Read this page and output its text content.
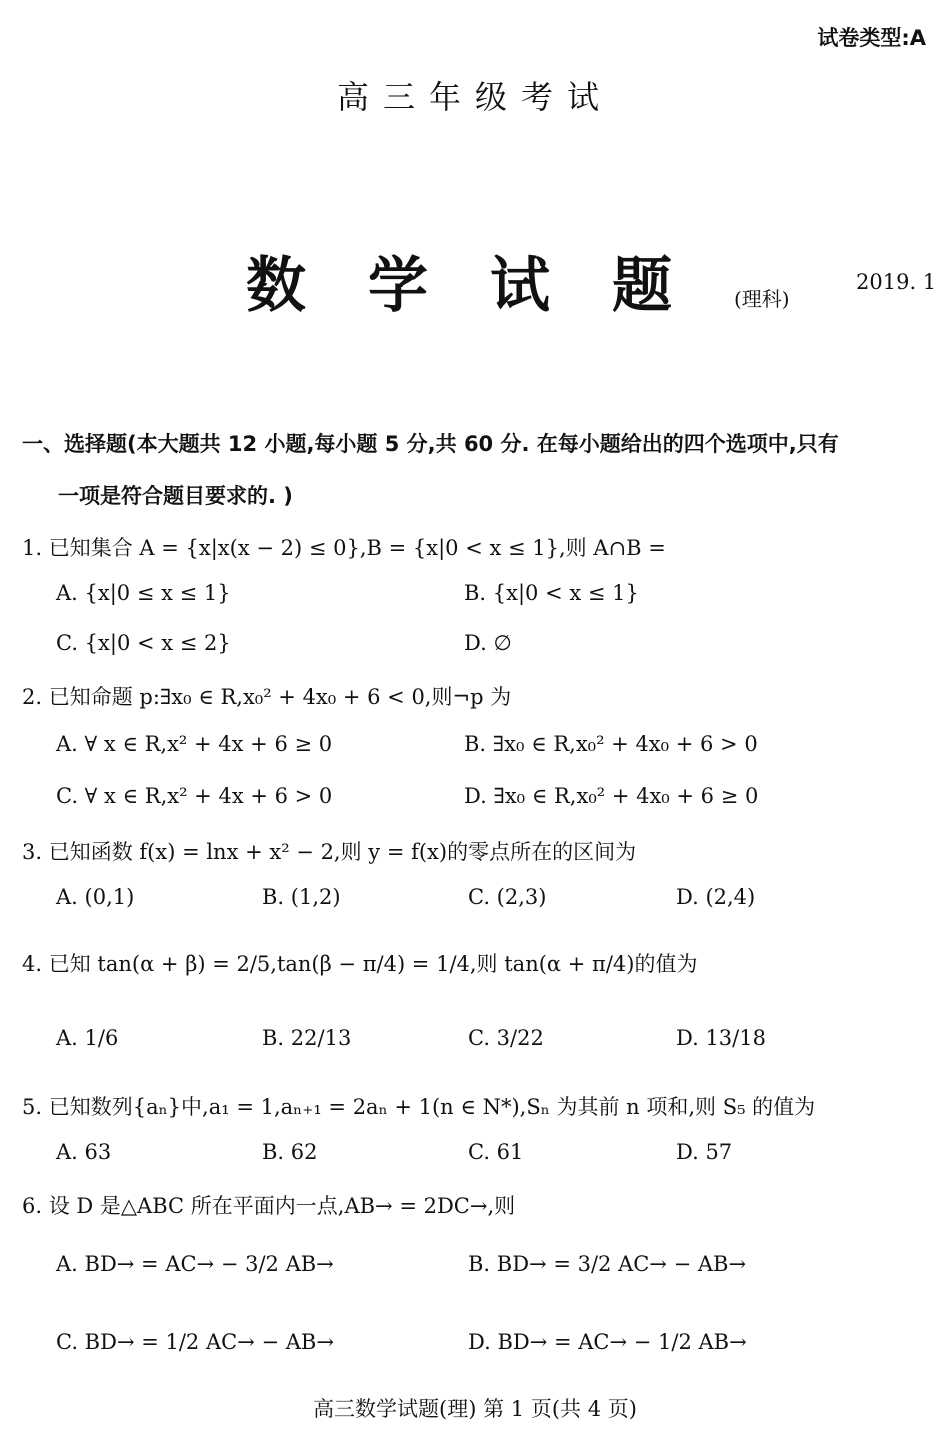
试卷类型:A
高三年级考试
数学试题(理科)
2019. 1
一、选择题(本大题共 12 小题,每小题 5 分,共 60 分. 在每小题给出的四个选项中,只有
一项是符合题目要求的. )
1. 已知集合 A = {x|x(x − 2) ≤ 0},B = {x|0 < x ≤ 1},则 A∩B =
A. {x|0 ≤ x ≤ 1}	B. {x|0 < x ≤ 1}
C. {x|0 < x ≤ 2}	D. ∅
2. 已知命题 p:∃x₀ ∈ R,x₀² + 4x₀ + 6 < 0,则¬p 为
A. ∀ x ∈ R,x² + 4x + 6 ≥ 0	B. ∃x₀ ∈ R,x₀² + 4x₀ + 6 > 0
C. ∀ x ∈ R,x² + 4x + 6 > 0	D. ∃x₀ ∈ R,x₀² + 4x₀ + 6 ≥ 0
3. 已知函数 f(x) = lnx + x² − 2,则 y = f(x)的零点所在的区间为
A. (0,1)	B. (1,2)	C. (2,3)	D. (2,4)
4. 已知 tan(α + β) = 2/5,tan(β − π/4) = 1/4,则 tan(α + π/4)的值为
A. 1/6	B. 22/13	C. 3/22	D. 13/18
5. 已知数列{aₙ}中,a₁ = 1,aₙ₊₁ = 2aₙ + 1(n ∈ N*),Sₙ 为其前 n 项和,则 S₅ 的值为
A. 63	B. 62	C. 61	D. 57
6. 设 D 是△ABC 所在平面内一点,AB→ = 2DC→,则
A. BD→ = AC→ − 3/2 AB→	B. BD→ = 3/2 AC→ − AB→
C. BD→ = 1/2 AC→ − AB→	D. BD→ = AC→ − 1/2 AB→
高三数学试题(理) 第 1 页(共 4 页)
